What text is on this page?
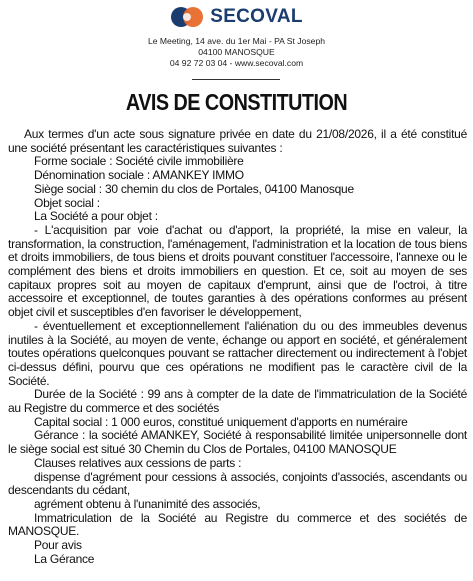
SECOVAL
Le Meeting, 14 ave. du 1er Mai - PA St Joseph
04100 MANOSQUE
04 92 72 03 04 - www.secoval.com
AVIS DE CONSTITUTION

Aux termes d'un acte sous signature privée en date du 21/08/2026, il a été constitué une société présentant les caractéristiques suivantes :

Forme sociale : Société civile immobilière

Dénomination sociale : AMANKEY IMMO

Siège social : 30 chemin du clos de Portales, 04100 Manosque

Objet social :

La Société a pour objet :

- L'acquisition par voie d'achat ou d'apport, la propriété, la mise en valeur, la transformation, la construction, l'aménagement, l'administration et la location de tous biens et droits immobiliers, de tous biens et droits pouvant constituer l'accessoire, l'annexe ou le complément des biens et droits immobiliers en question. Et ce, soit au moyen de ses capitaux propres soit au moyen de capitaux d'emprunt, ainsi que de l'octroi, à titre accessoire et exceptionnel, de toutes garanties à des opérations conformes au présent objet civil et susceptibles d'en favoriser le développement,

- éventuellement et exceptionnellement l'aliénation du ou des immeubles devenus inutiles à la Société, au moyen de vente, échange ou apport en société, et généralement toutes opérations quelconques pouvant se rattacher directement ou indirectement à l'objet ci-dessus défini, pourvu que ces opérations ne modifient pas le caractère civil de la Société.

Durée de la Société : 99 ans à compter de la date de l'immatriculation de la Société au Registre du commerce et des sociétés

Capital social : 1 000 euros, constitué uniquement d'apports en numéraire

Gérance : la société AMANKEY, Société à responsabilité limitée unipersonnelle dont le siège social est situé 30 Chemin du Clos de Portales, 04100 MANOSQUE

Clauses relatives aux cessions de parts :

dispense d'agrément pour cessions à associés, conjoints d'associés, ascendants ou descendants du cédant,

agrément obtenu à l'unanimité des associés,

Immatriculation de la Société au Registre du commerce et des sociétés de MANOSQUE.

Pour avis

La Gérance
